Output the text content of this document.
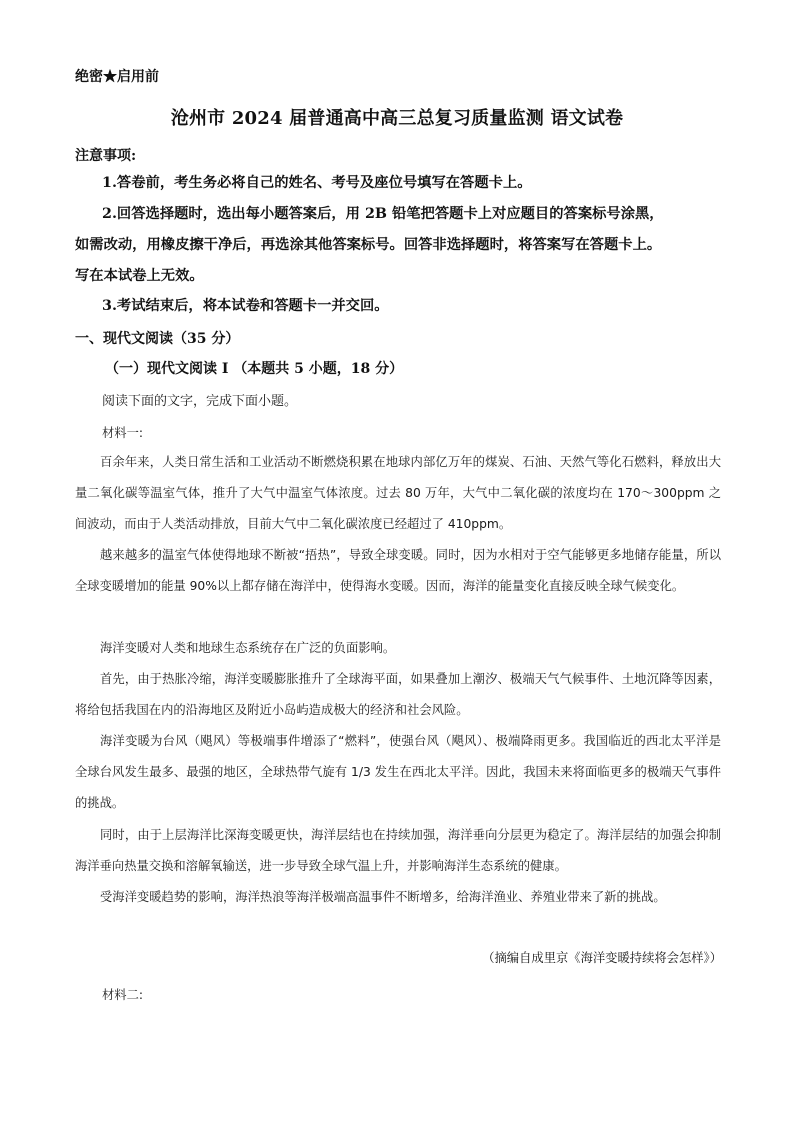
绝密★启用前
沧州市 2024 届普通高中高三总复习质量监测 语文试卷
注意事项:
1.答卷前，考生务必将自己的姓名、考号及座位号填写在答题卡上。
2.回答选择题时，选出每小题答案后，用 2B 铅笔把答题卡上对应题目的答案标号涂黑，
如需改动，用橡皮擦干净后，再选涂其他答案标号。回答非选择题时，将答案写在答题卡上。
写在本试卷上无效。
3.考试结束后，将本试卷和答题卡一并交回。
一、现代文阅读（35 分）
（一）现代文阅读 I （本题共 5 小题，18 分）
阅读下面的文字，完成下面小题。
材料一:

百余年来，人类日常生活和工业活动不断燃烧积累在地球内部亿万年的煤炭、石油、天然气等化石燃料，释放出大量二氧化碳等温室气体，推升了大气中温室气体浓度。过去 80 万年，大气中二氧化碳的浓度均在 170～300ppm 之间波动，而由于人类活动排放，目前大气中二氧化碳浓度已经超过了 410ppm。

越来越多的温室气体使得地球不断被“捂热”，导致全球变暖。同时，因为水相对于空气能够更多地储存能量，所以全球变暖增加的能量 90%以上都存储在海洋中，使得海水变暖。因而，海洋的能量变化直接反映全球气候变化。

海洋变暖对人类和地球生态系统存在广泛的负面影响。

首先，由于热胀冷缩，海洋变暖膨胀推升了全球海平面，如果叠加上潮汐、极端天气气候事件、土地沉降等因素，将给包括我国在内的沿海地区及附近小岛屿造成极大的经济和社会风险。

海洋变暖为台风（飓风）等极端事件增添了“燃料”，使强台风（飓风）、极端降雨更多。我国临近的西北太平洋是全球台风发生最多、最强的地区，全球热带气旋有 1/3 发生在西北太平洋。因此，我国未来将面临更多的极端天气事件的挑战。

同时，由于上层海洋比深海变暖更快，海洋层结也在持续加强，海洋垂向分层更为稳定了。海洋层结的加强会抑制海洋垂向热量交换和溶解氧输送，进一步导致全球气温上升，并影响海洋生态系统的健康。

受海洋变暖趋势的影响，海洋热浪等海洋极端高温事件不断增多，给海洋渔业、养殖业带来了新的挑战。

（摘编自成里京《海洋变暖持续将会怎样》）
材料二:
